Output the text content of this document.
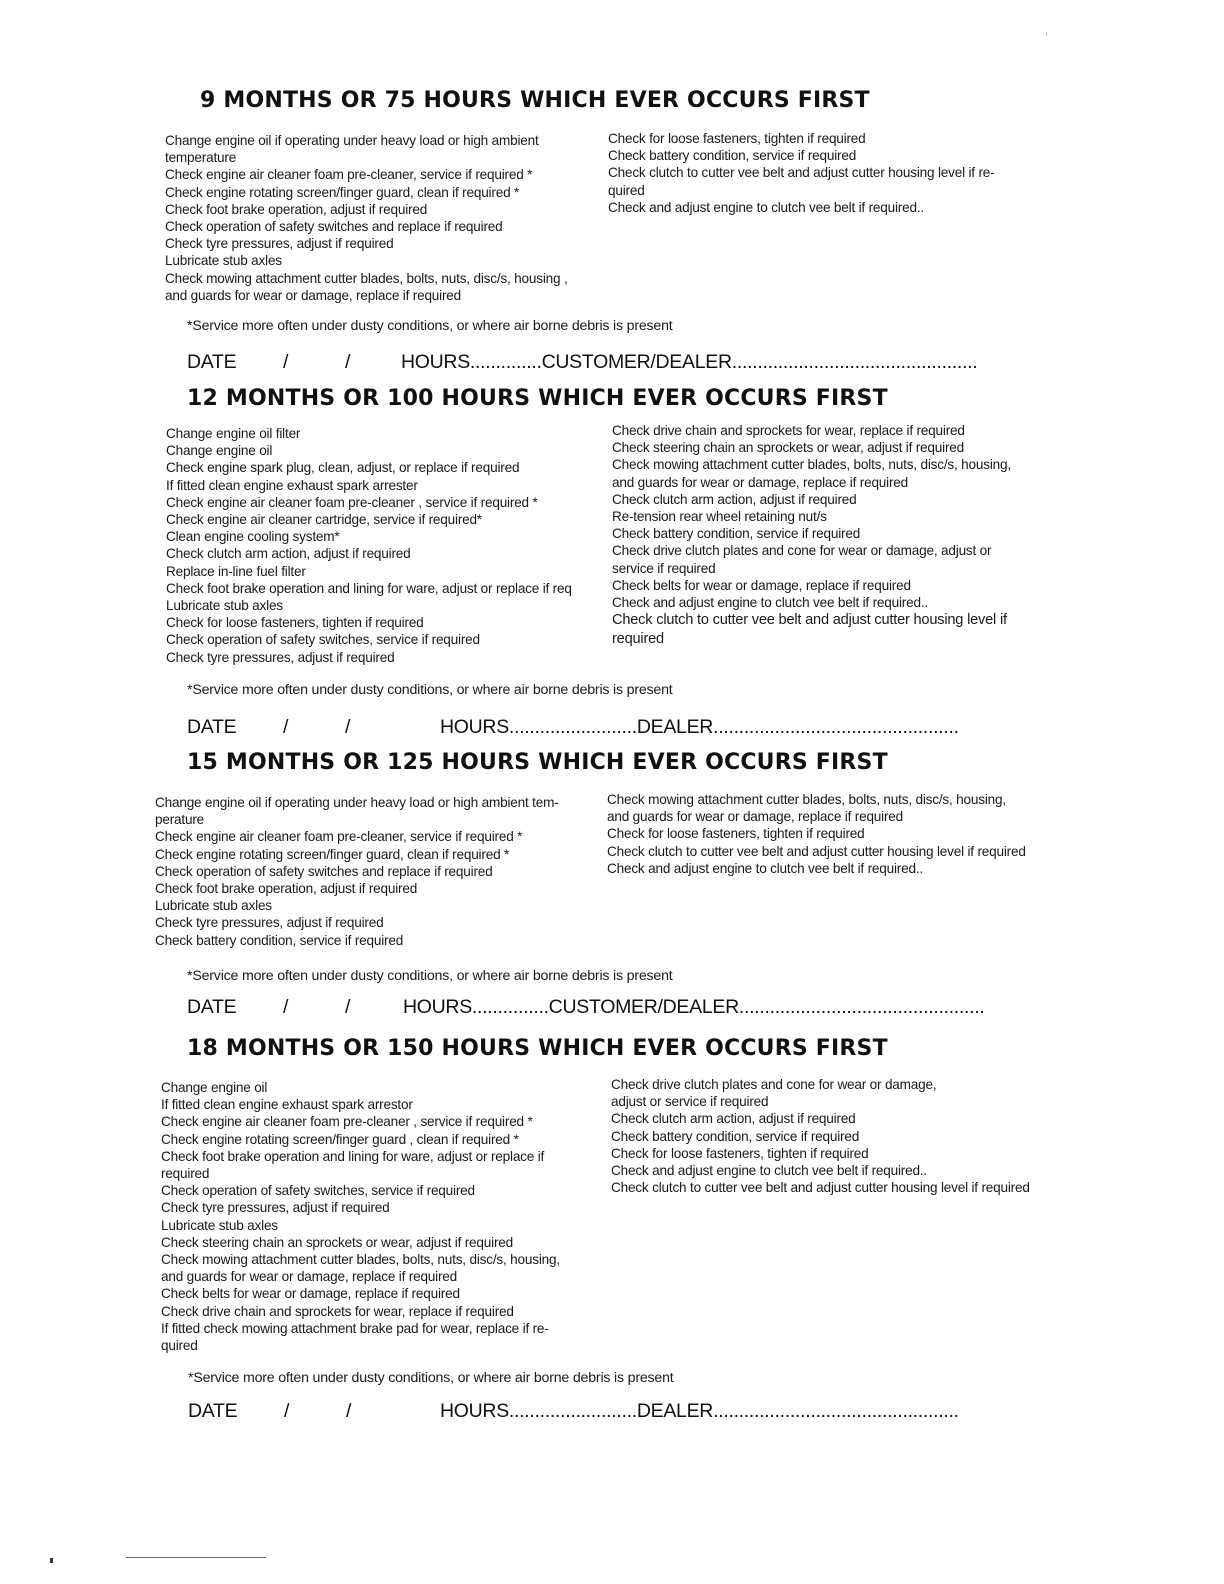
9 MONTHS OR 75 HOURS WHICH EVER OCCURS FIRST
Change engine oil if operating under heavy load or high ambient
temperature
Check engine air cleaner foam pre-cleaner, service if required *
Check engine rotating screen/finger guard, clean if required *
Check foot brake operation, adjust if required
Check operation of safety switches and replace if required
Check tyre pressures, adjust if required
Lubricate stub axles
Check mowing attachment cutter blades, bolts, nuts, disc/s, housing ,
and guards for wear or damage, replace if required
Check for loose fasteners, tighten if required
Check battery condition, service if required
Check clutch to cutter vee belt and adjust cutter housing level if re-
quired
Check and adjust engine to clutch vee belt if required..
*Service more often under dusty conditions, or where air borne debris is present
DATE /	/	HOURS..............CUSTOMER/DEALER................................................
12 MONTHS OR 100 HOURS WHICH EVER OCCURS FIRST
Change engine oil filter
Change engine oil
Check engine spark plug, clean, adjust, or replace if required
If fitted clean engine exhaust spark arrester
Check engine air cleaner foam pre-cleaner , service if required *
Check engine air cleaner cartridge, service if required*
Clean engine cooling system*
Check clutch arm action, adjust if required
Replace in-line fuel filter
Check foot brake operation and lining for ware, adjust or replace if req
Lubricate stub axles
Check for loose fasteners, tighten if required
Check operation of safety switches, service if required
Check tyre pressures, adjust if required
Check drive chain and sprockets for wear, replace if required
Check steering chain an sprockets or wear, adjust if required
Check mowing attachment cutter blades, bolts, nuts, disc/s, housing,
and guards for wear or damage, replace if required
Check clutch arm action, adjust if required
Re-tension rear wheel retaining nut/s
Check battery condition, service if required
Check drive clutch plates and cone for wear or damage, adjust or
service if required
Check belts for wear or damage, replace if required
Check and adjust engine to clutch vee belt if required..
Check clutch to cutter vee belt and adjust cutter housing level if
required
*Service more often under dusty conditions, or where air borne debris is present
DATE /	/	HOURS.........................DEALER................................................
15 MONTHS OR 125 HOURS WHICH EVER OCCURS FIRST
Change engine oil if operating under heavy load or high ambient tem-
perature
Check engine air cleaner foam pre-cleaner, service if required *
Check engine rotating screen/finger guard, clean if required *
Check operation of safety switches and replace if required
Check foot brake operation, adjust if required
Lubricate stub axles
Check tyre pressures, adjust if required
Check battery condition, service if required
Check mowing attachment cutter blades, bolts, nuts, disc/s, housing,
and guards for wear or damage, replace if required
Check for loose fasteners, tighten if required
Check clutch to cutter vee belt and adjust cutter housing level if required
Check and adjust engine to clutch vee belt if required..
*Service more often under dusty conditions, or where air borne debris is present
DATE /	/	HOURS...............CUSTOMER/DEALER................................................
18 MONTHS OR 150 HOURS WHICH EVER OCCURS FIRST
Change engine oil
If fitted clean engine exhaust spark arrestor
Check engine air cleaner foam pre-cleaner , service if required *
Check engine rotating screen/finger guard , clean if required *
Check foot brake operation and lining for ware, adjust or replace if
required
Check operation of safety switches, service if required
Check tyre pressures, adjust if required
Lubricate stub axles
Check steering chain an sprockets or wear, adjust if required
Check mowing attachment cutter blades, bolts, nuts, disc/s, housing,
and guards for wear or damage, replace if required
Check belts for wear or damage, replace if required
Check drive chain and sprockets for wear, replace if required
If fitted check mowing attachment brake pad for wear, replace if re-
quired
Check drive clutch plates and cone for wear or damage,
adjust or service if required
Check clutch arm action, adjust if required
Check battery condition, service if required
Check for loose fasteners, tighten if required
Check and adjust engine to clutch vee belt if required..
Check clutch to cutter vee belt and adjust cutter housing level if required
*Service more often under dusty conditions, or where air borne debris is present
DATE /	/	HOURS.........................DEALER................................................
